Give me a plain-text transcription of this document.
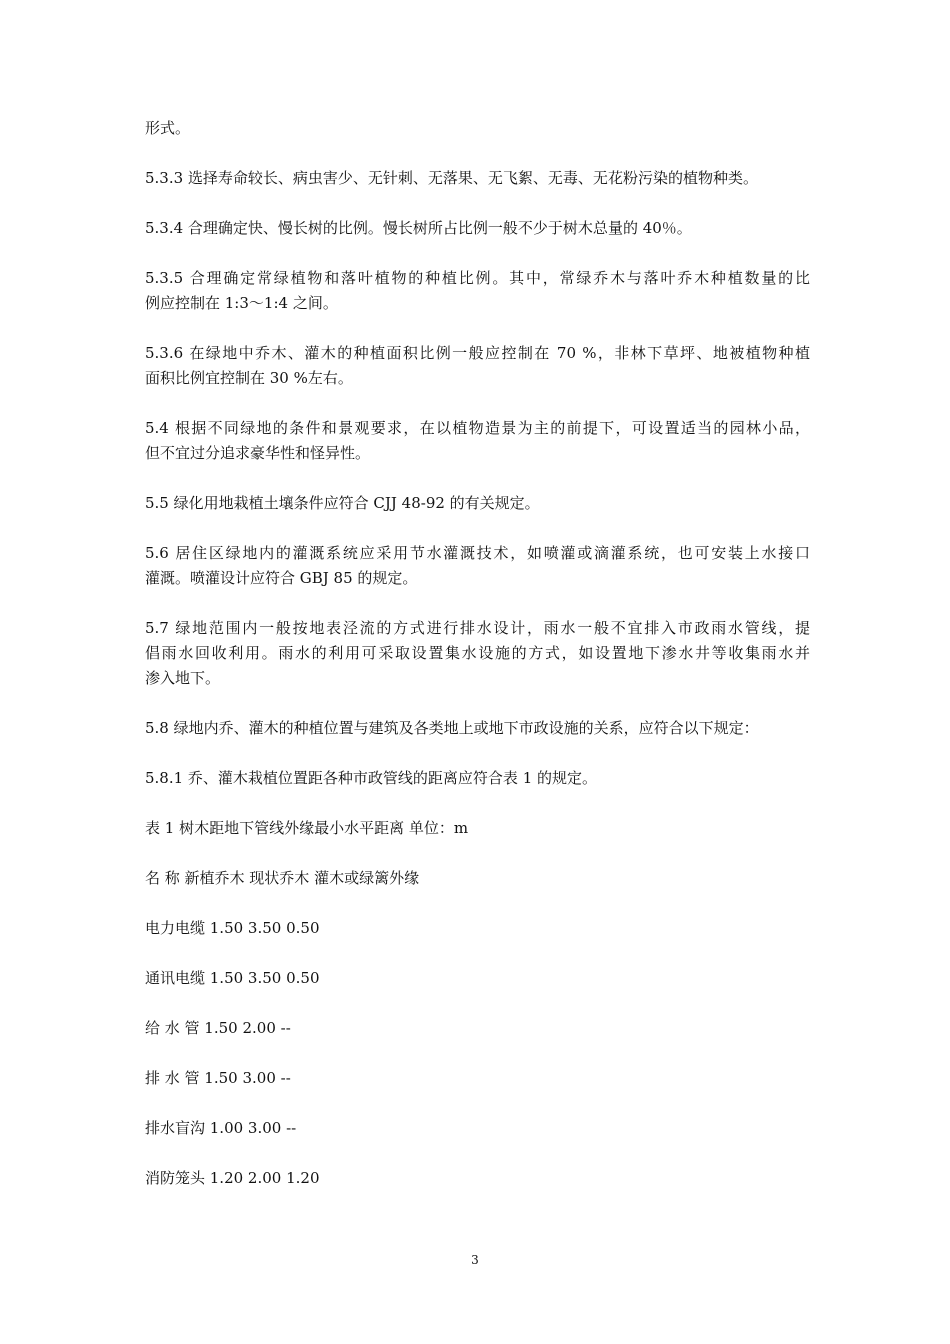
形式。
5.3.3 选择寿命较长、病虫害少、无针刺、无落果、无飞絮、无毒、无花粉污染的植物种类。
5.3.4 合理确定快、慢长树的比例。慢长树所占比例一般不少于树木总量的 40％。
5.3.5 合理确定常绿植物和落叶植物的种植比例。其中，常绿乔木与落叶乔木种植数量的比
例应控制在 1:3～1:4 之间。
5.3.6 在绿地中乔木、灌木的种植面积比例一般应控制在 70 %，非林下草坪、地被植物种植
面积比例宜控制在 30 %左右。
5.4 根据不同绿地的条件和景观要求，在以植物造景为主的前提下，可设置适当的园林小品，
但不宜过分追求豪华性和怪异性。
5.5 绿化用地栽植土壤条件应符合 CJJ 48-92 的有关规定。
5.6 居住区绿地内的灌溉系统应采用节水灌溉技术，如喷灌或滴灌系统，也可安装上水接口
灌溉。喷灌设计应符合 GBJ 85 的规定。
5.7 绿地范围内一般按地表泾流的方式进行排水设计，雨水一般不宜排入市政雨水管线，提
倡雨水回收利用。雨水的利用可采取设置集水设施的方式，如设置地下渗水井等收集雨水并
渗入地下。
5.8 绿地内乔、灌木的种植位置与建筑及各类地上或地下市政设施的关系，应符合以下规定：
5.8.1 乔、灌木栽植位置距各种市政管线的距离应符合表 1 的规定。
表 1 树木距地下管线外缘最小水平距离 单位：m
名 称 新植乔木 现状乔木 灌木或绿篱外缘
电力电缆 1.50 3.50 0.50
通讯电缆 1.50 3.50 0.50
给 水 管 1.50 2.00 --
排 水 管 1.50 3.00 --
排水盲沟 1.00 3.00 --
消防笼头 1.20 2.00 1.20
3
